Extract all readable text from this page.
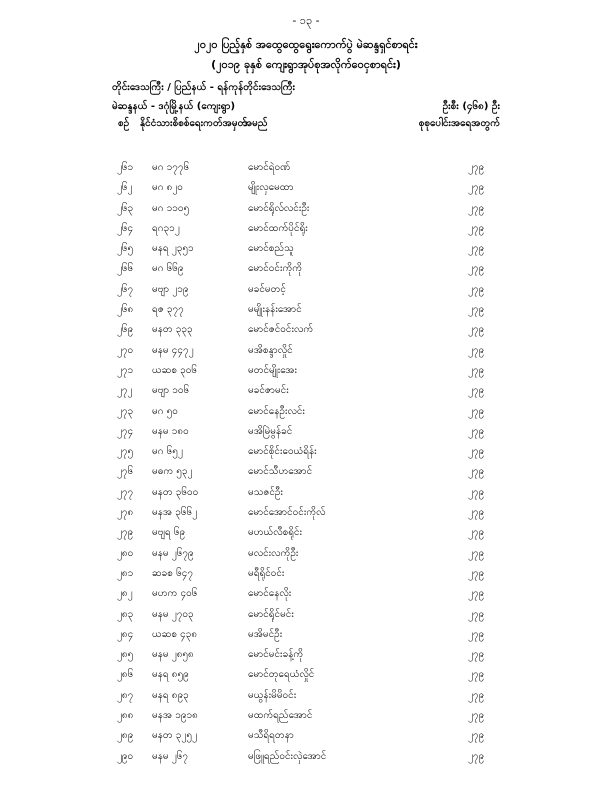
- ၁၃ -
၂၀၂၀ ပြည့်နှစ် အထွေထွေရွေးကောက်ပွဲ မဲဆန္ဒရှင်စာရင်း
(၂၀၁၉ ခုနှစ် ကျေးရွာအုပ်စုအလိုက်ဝေငှစာရင်း)
တိုင်းဒေသကြီး / ပြည်နယ် - ရန်ကုန်တိုင်းဒေသကြီး
မဲဆန္ဒနယ် - ဒဂုံမြို့နယ် (ကျေးရွာ)	ဦးစီး (၄၆၈) ဦး
စဉ် နိုင်ငံသားစိစစ်ရေးကတ်အမှတ်
အမည်	စုစုပေါင်းအရေအတွက်
၂၆၁ မဂ ၁၇၇၆	မောင်ရဲဝဏ်	၂၇၉
၂၆၂ မဂ ၈၂၀	မျိုးလှမေထာ	၂၇၉
၂၆၃ မဂ ၁၁၀၅	မောင်ရိုလ်လင်းဦး	၂၇၉
၂၆၄ ရဂ၃၁၂	မောင်ထက်ပိုင်ရိုး	၂၇၉
၂၆၅ မနရ ၂၃၅၁	မောင်စည်သူ	၂၇၉
၂၆၆ မဂ ၆၆၉	မောင်ဝင်းကိုကို	၂၇၉
၂၆၇ မဗျာ ၂၁၉	မခင်မတင့်	၂၇၉
၂၆၈ ရဇ ၃၇၇	မမျိုးနန်းအောင်	၂၇၉
၂၆၉ မနတ ၃၃၃	မောင်ဇင်ဝင်းလက်	၂၇၉
၂၇၀ မနမ ၄၄၇၂	မအိစန္ဒာလှိုင်	၂၇၉
၂၇၁ ယဆစ ၃၀၆	မတင်မျိုးအေး	၂၇၉
၂၇၂ မဗျာ ၁၀၆	မခင်ဇာမင်း	၂၇၉
၂၇၃ မဂ ၅၀	မောင်နေဦးလင်း	၂၇၉
၂၇၄ မနမ ၁၈၀	မအိမြဲမွန်ခင်	၂၇၉
၂၇၅ မဂ ၆၅၂	မောင်စိုင်းဝေယံရိန်း	၂၇၉
၂၇၆ မဓက ၅၃၂	မောင်သီဟအောင်	၂၇၉
၂၇၇ မနတ ၃၆၀၀	မသဇင်ဦး	၂၇၉
၂၇၈ မနအ ၃၆၆၂	မောင်အောင်ဝင်းကိုလ်	၂၇၉
၂၇၉ မဗျရ ၆၉	မဟယ်လီစရိုင်း	၂၇၉
၂၈၀ မနမ ၂၆၇၉	မလင်းလကိုဦး	၂၇၉
၂၈၁ ဆခစ ၆၄၇	မရီရိုင်ဝင်း	၂၇၉
၂၈၂ မဟက ၄၀၆	မောင်နေလိုး	၂၇၉
၂၈၃ မနမ ၂၇၀၃	မောင်ရိုင်မင်း	၂၇၉
၂၈၄ ယဆစ ၄၃၈	မအိမင်ဦး	၂၇၉
၂၈၅ မနမ ၂၈၅၈	မောင်မင်းခန့်ကို	၂၇၉
၂၈၆ မနရ ၈၅၉	မောင်တုရေယံလှိုင်	၂၇၉
၂၈၇ မနရ ၈၉၃	မယွန်းမိမိဝင်း	၂၇၉
၂၈၈ မနအ ၁၉၁၈	မထက်ရည်အောင်	၂၇၉
၂၈၉ မနတ ၃၂၅၂	မသီရိရတနာ	၂၇၉
၂၉၀ မနမ ၂၆၇	မဖြူရည်ဝင်းလှဲအောင်	၂၇၉
